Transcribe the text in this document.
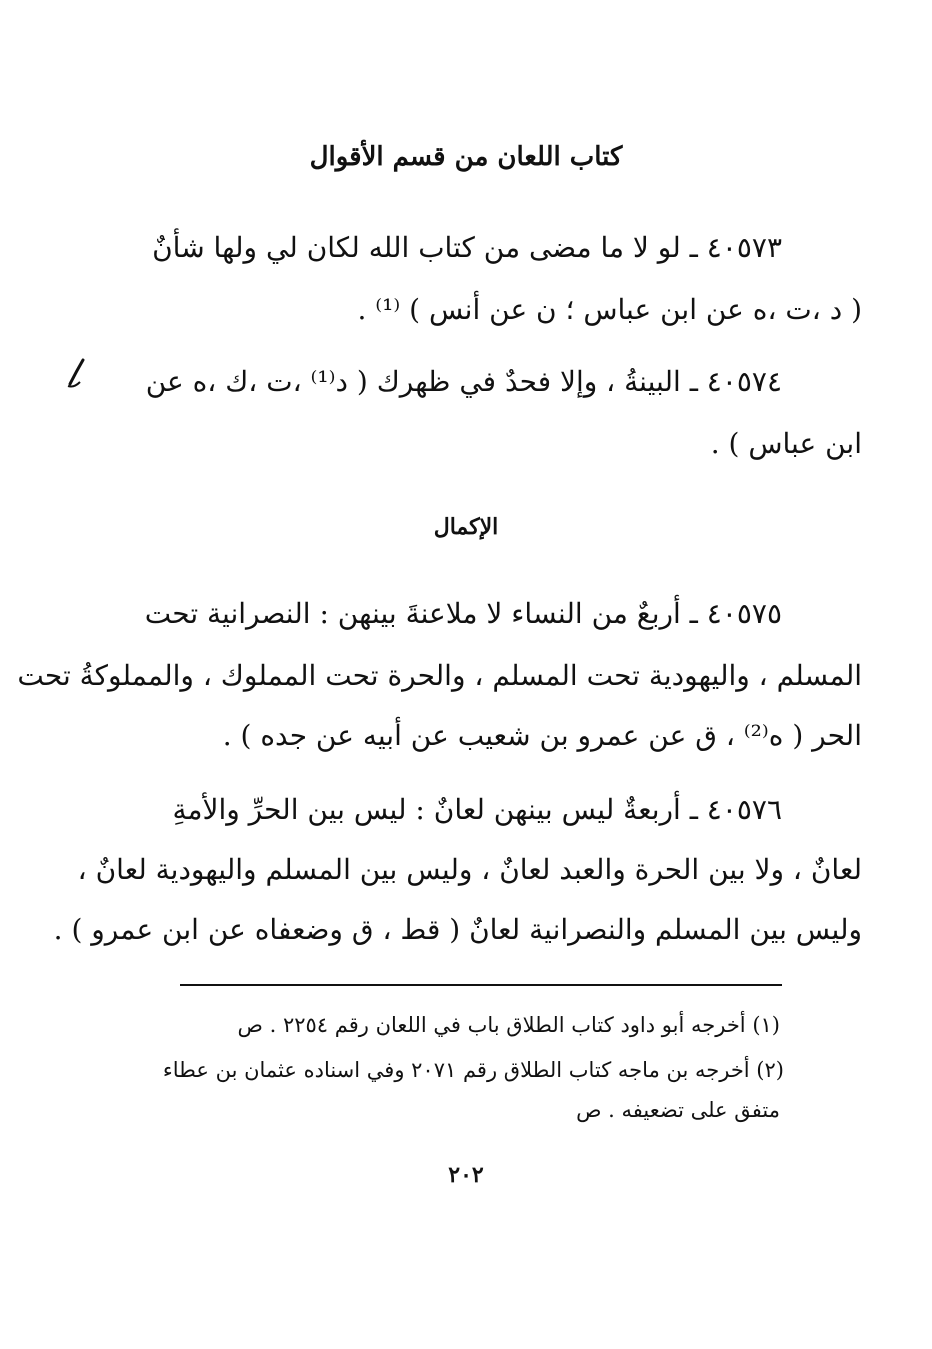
كتاب اللعان من قسم الأقوال
٤٠٥٧٣ ـ لو لا ما مضى من كتاب الله لكان لي ولها شأنٌ
( د ،ت ،ه عن ابن عباس ؛ ن عن أنس ) ⁽¹⁾ .
٤٠٥٧٤ ـ البينةُ ، وإلا فحدٌ في ظهرك ( د⁽¹⁾ ،ت ،ك ،ه عن
ابن عباس ) .
الإكمال
٤٠٥٧٥ ـ أربعٌ من النساء لا ملاعنةَ بينهن : النصرانية تحت
المسلم ، واليهودية تحت المسلم ، والحرة تحت المملوك ، والمملوكةُ تحت
الحر ( ه⁽²⁾ ، ق عن عمرو بن شعيب عن أبيه عن جده ) .
٤٠٥٧٦ ـ أربعةٌ ليس بينهن لعانٌ : ليس بين الحرِّ والأمةِ
لعانٌ ، ولا بين الحرة والعبد لعانٌ ، وليس بين المسلم واليهودية لعانٌ ،
وليس بين المسلم والنصرانية لعانٌ ( قط ، ق وضعفاه عن ابن عمرو ) .
(١) أخرجه أبو داود كتاب الطلاق باب في اللعان رقم ٢٢٥٤ . ص
(٢) أخرجه بن ماجه كتاب الطلاق رقم ٢٠٧١ وفي اسناده عثمان بن عطاء
متفق على تضعيفه . ص
٢٠٢
